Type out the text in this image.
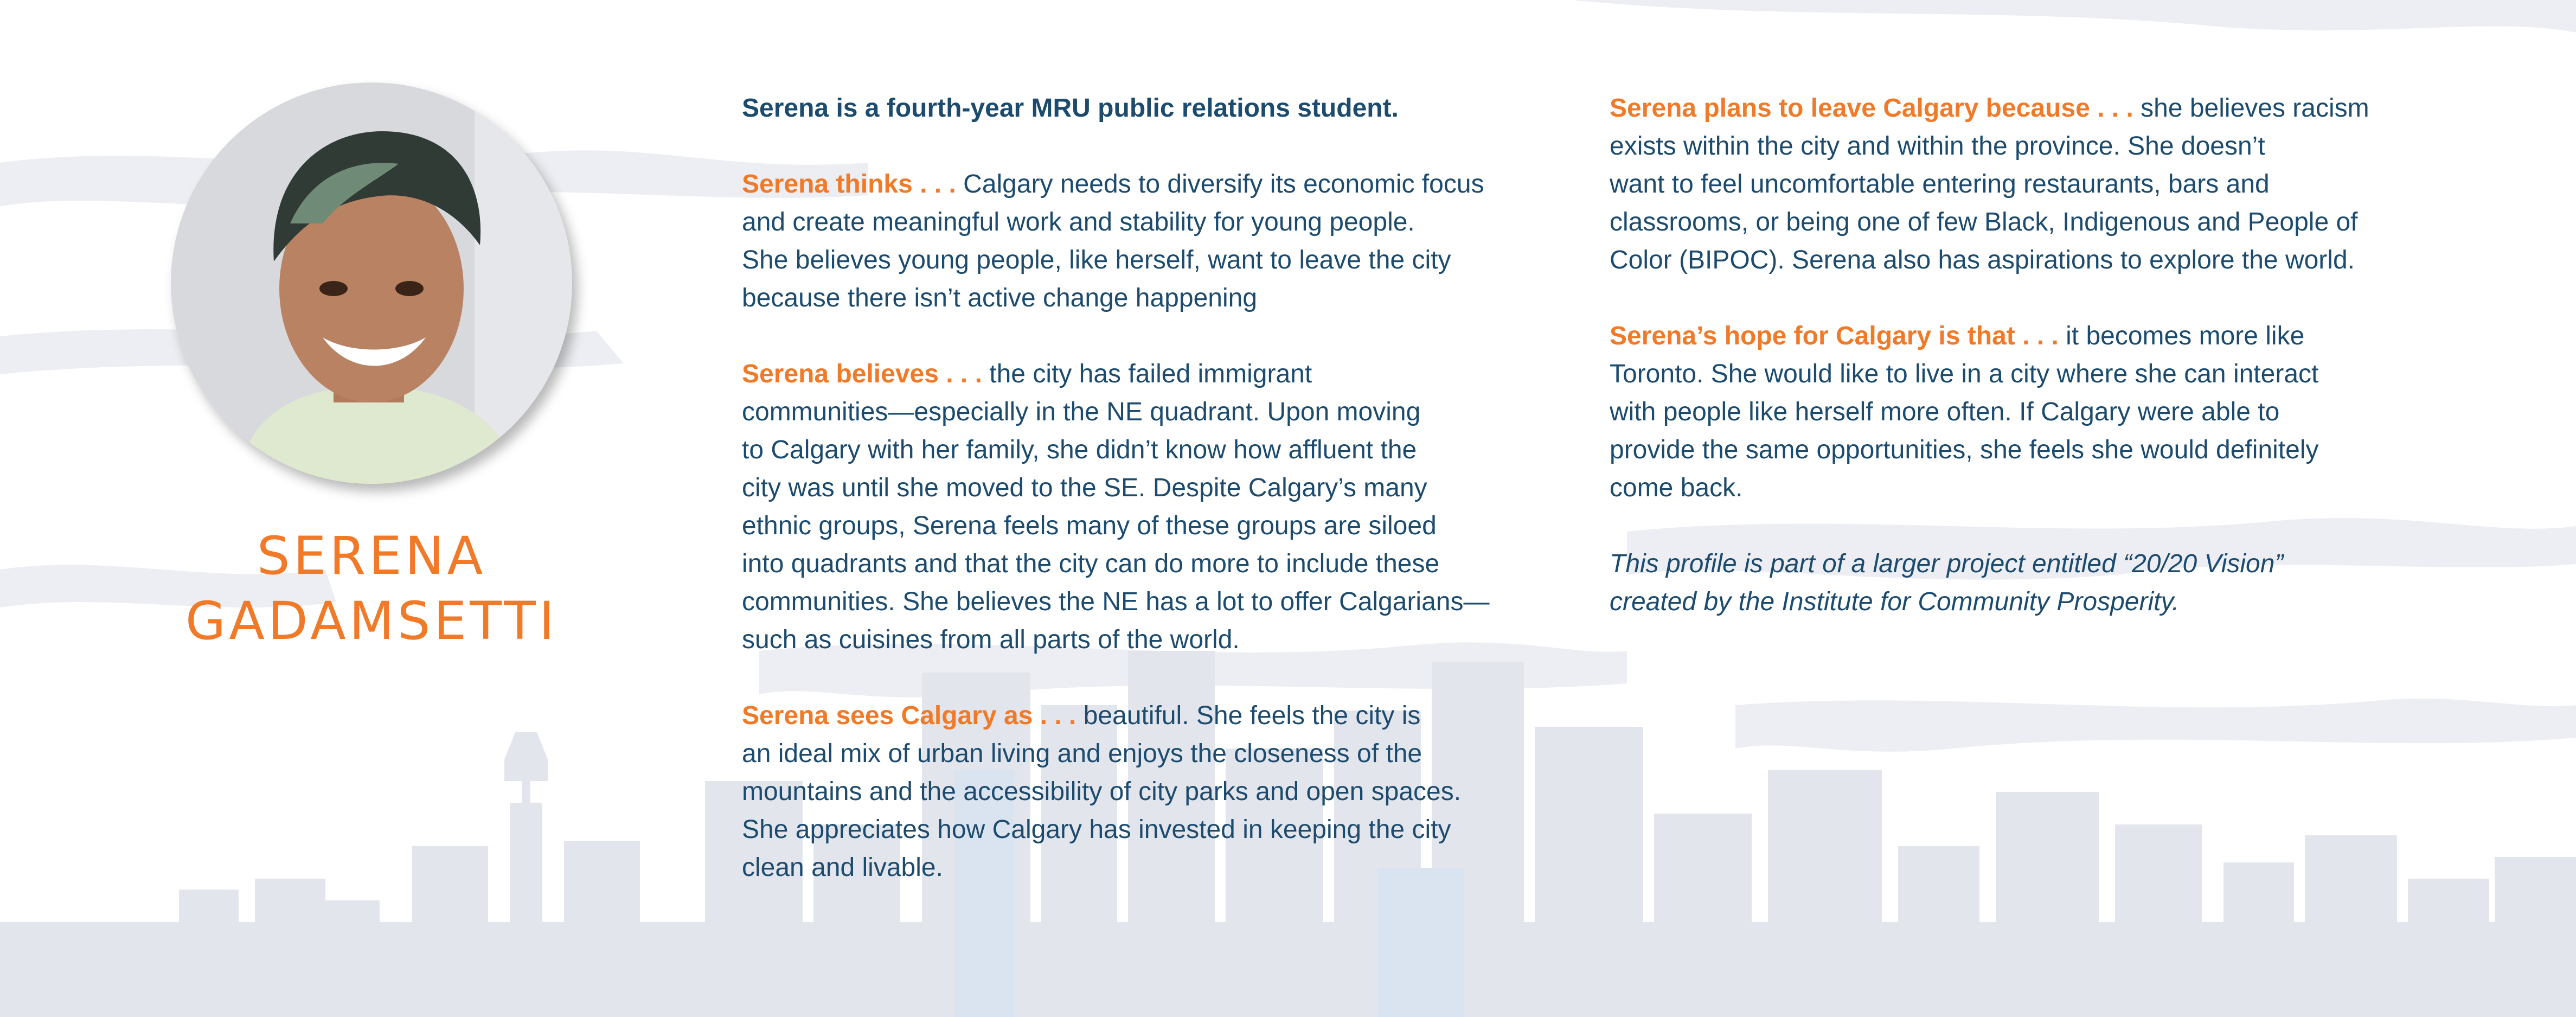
SERENA
GADAMSETTI

Serena is a fourth-year MRU public relations student.

Serena thinks . . . Calgary needs to diversify its economic focus
and create meaningful work and stability for young people.
She believes young people, like herself, want to leave the city
because there isn’t active change happening

Serena believes . . . the city has failed immigrant
communities—especially in the NE quadrant. Upon moving
to Calgary with her family, she didn’t know how affluent the
city was until she moved to the SE. Despite Calgary’s many
ethnic groups, Serena feels many of these groups are siloed
into quadrants and that the city can do more to include these
communities. She believes the NE has a lot to offer Calgarians—
such as cuisines from all parts of the world.

Serena sees Calgary as . . . beautiful. She feels the city is
an ideal mix of urban living and enjoys the closeness of the
mountains and the accessibility of city parks and open spaces.
She appreciates how Calgary has invested in keeping the city
clean and livable.

Serena plans to leave Calgary because . . . she believes racism
exists within the city and within the province. She doesn’t
want to feel uncomfortable entering restaurants, bars and
classrooms, or being one of few Black, Indigenous and People of
Color (BIPOC). Serena also has aspirations to explore the world.

Serena’s hope for Calgary is that . . . it becomes more like
Toronto. She would like to live in a city where she can interact
with people like herself more often. If Calgary were able to
provide the same opportunities, she feels she would definitely
come back.

This profile is part of a larger project entitled “20/20 Vision”
created by the Institute for Community Prosperity.
